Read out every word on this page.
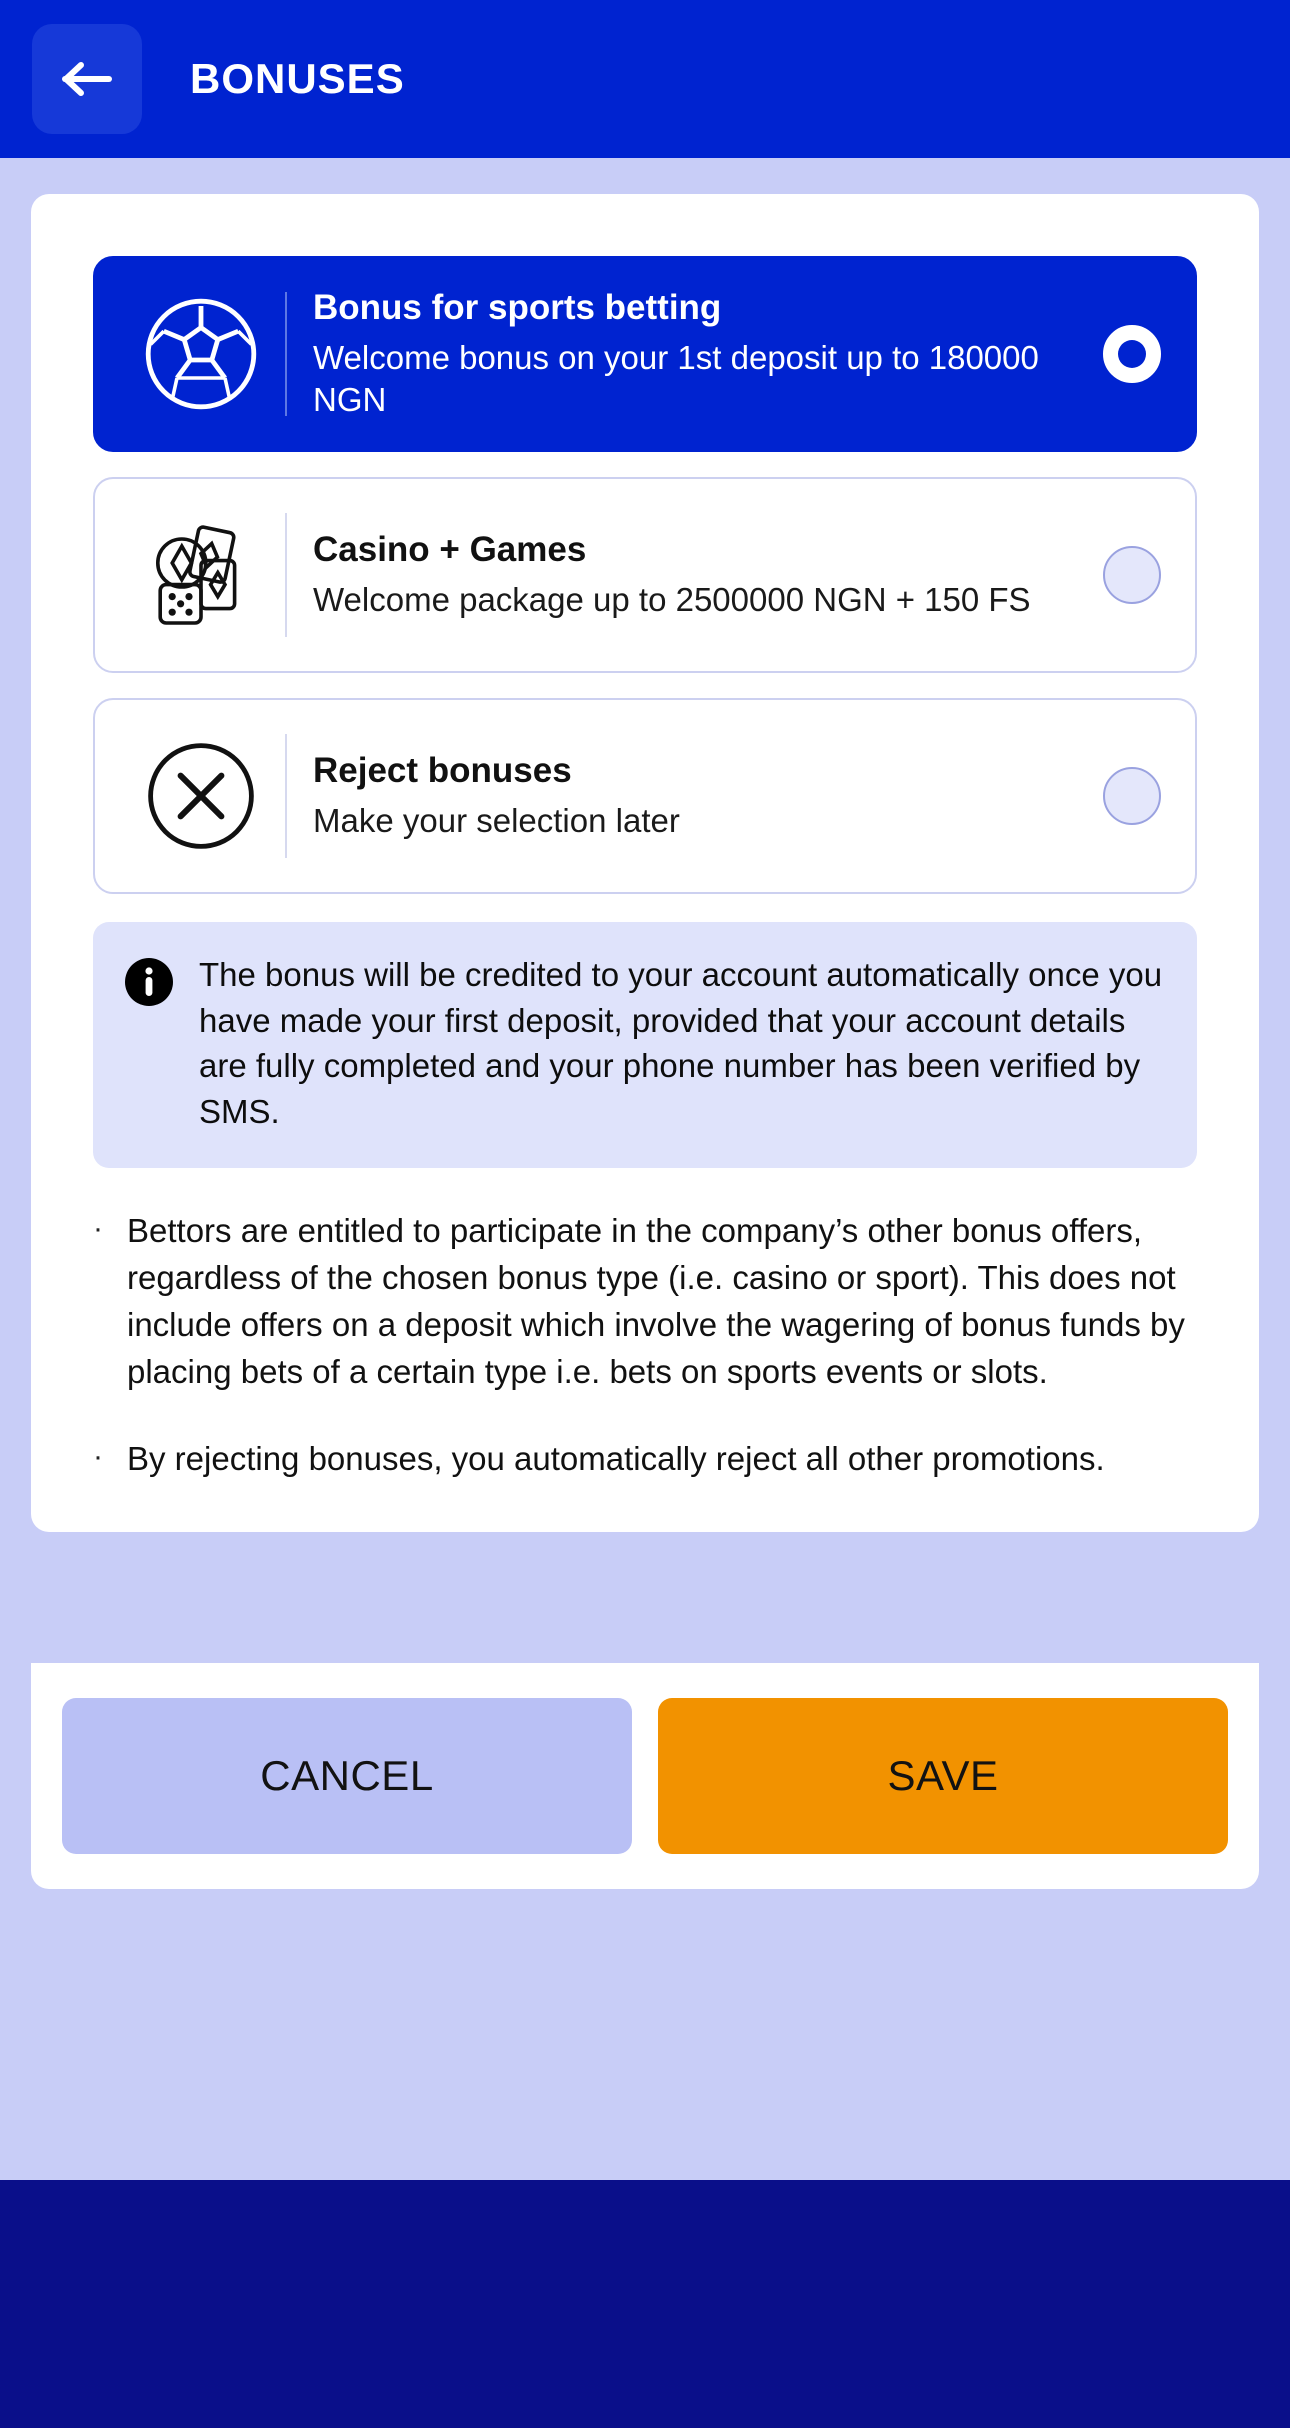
BONUSES
Bonus for sports betting
Welcome bonus on your 1st deposit up to 180000 NGN
Casino + Games
Welcome package up to 2500000 NGN + 150 FS
Reject bonuses
Make your selection later
The bonus will be credited to your account automatically once you have made your first deposit, provided that your account details are fully completed and your phone number has been verified by SMS.
· Bettors are entitled to participate in the company’s other bonus offers, regardless of the chosen bonus type (i.e. casino or sport). This does not include offers on a deposit which involve the wagering of bonus funds by placing bets of a certain type i.e. bets on sports events or slots.
· By rejecting bonuses, you automatically reject all other promotions.
CANCEL	SAVE
